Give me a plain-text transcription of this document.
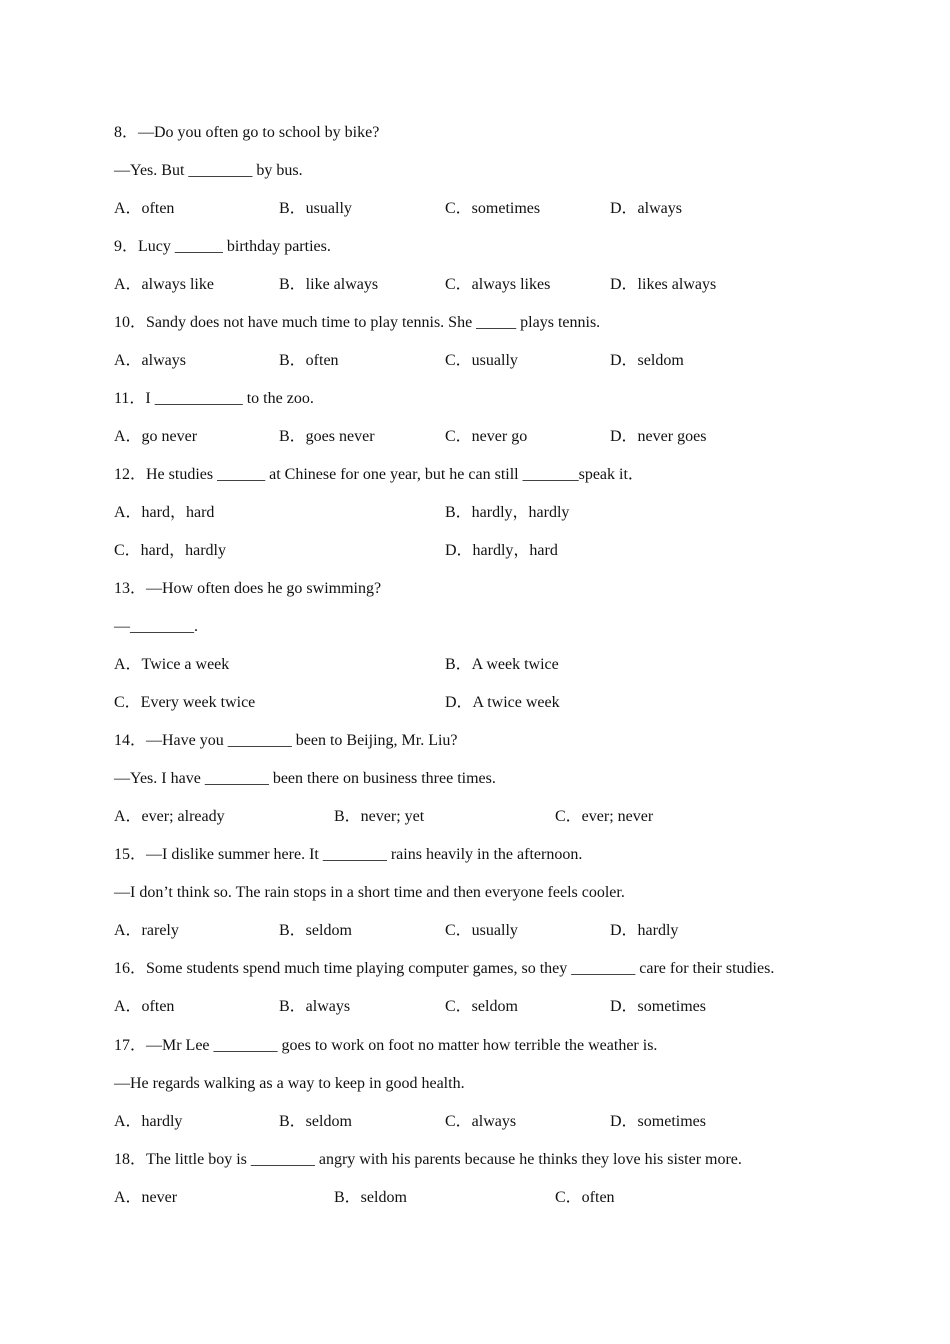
8．—Do you often go to school by bike?
—Yes. But ________ by bus.
A．often	B．usually	C．sometimes	D．always
9．Lucy ______ birthday parties.
A．always like	B．like always	C．always likes	D．likes always
10．Sandy does not have much time to play tennis. She _____ plays tennis.
A．always	B．often	C．usually	D．seldom
11．I ___________ to the zoo.
A．go never	B．goes never	C．never go	D．never goes
12．He studies ______ at Chinese for one year, but he can still _______speak it．
A．hard，hard	B．hardly，hardly
C．hard，hardly	D．hardly，hard
13．—How often does he go swimming?
—________.
A．Twice a week	B．A week twice
C．Every week twice	D．A twice week
14．—Have you ________ been to Beijing, Mr. Liu?
—Yes. I have ________ been there on business three times.
A．ever; already	B．never; yet	C．ever; never
15．—I dislike summer here. It ________ rains heavily in the afternoon.
—I don’t think so. The rain stops in a short time and then everyone feels cooler.
A．rarely	B．seldom	C．usually	D．hardly
16．Some students spend much time playing computer games, so they ________ care for their studies.
A．often	B．always	C．seldom	D．sometimes
17．—Mr Lee ________ goes to work on foot no matter how terrible the weather is.
—He regards walking as a way to keep in good health.
A．hardly	B．seldom	C．always	D．sometimes
18．The little boy is ________ angry with his parents because he thinks they love his sister more.
A．never	B．seldom	C．often
